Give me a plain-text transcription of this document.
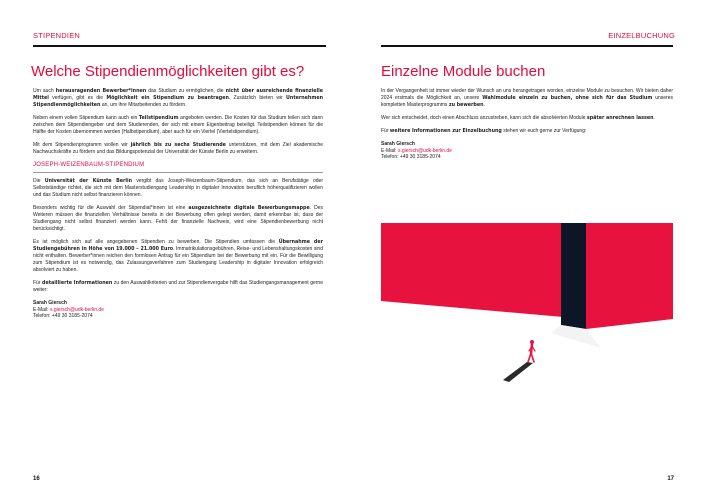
STIPENDIEN
Welche Stipendienmöglichkeiten gibt es?

Um auch herausragenden Bewerber*innen das Studium zu ermöglichen, die nicht über ausreichende finanzielle Mittel verfügen, gibt es die Möglichkeit ein Stipendium zu beantragen. Zusätzlich bieten wir Unternehmen Stipendienmöglichkeiten an, um ihre Mitarbeitenden zu fördern.

Neben einem vollen Stipendium kann auch ein Teilstipendium angeboten werden. Die Kosten für das Studium teilen sich dann zwischen dem Stipendiengeber und dem Studierenden, der sich mit einem Eigenbeitrag beteiligt. Teilstipendien können für die Hälfte der Kosten übernommen werden (Halbstipendium), aber auch für ein Viertel (Viertelstipendium).

Mit dem Stipendienprogramm wollen wir jährlich bis zu sechs Studierende unterstützen, mit dem Ziel akademische Nachwuchskräfte zu fördern und das Bildungspotenzial der Universität der Künste Berlin zu erweitern.

JOSEPH-WEIZENBAUM-STIPENDIUM

Die Universität der Künste Berlin vergibt das Joseph-Weizenbaum-Stipendium, das sich an Berufstätige oder Selbstständige richtet, die sich mit dem Masterstudiengang Leadership in digitaler Innovation beruflich höherqualifizieren wollen und das Studium nicht selbst finanzieren können.

Besonders wichtig für die Auswahl der Stipendiat*innen ist eine ausgezeichnete digitale Bewerbungsmappe. Des Weiteren müssen die finanziellen Verhältnisse bereits in der Bewerbung offen gelegt werden, damit erkennbar ist, dass der Studiengang nicht selbst finanziert werden kann. Fehlt der finanzielle Nachweis, wird eine Stipendienbewerbung nicht berücksichtigt.

Es ist möglich sich auf alle angegebenen Stipendien zu bewerben. Die Stipendien umfassen die Übernahme der Studiengebühren in Höhe von 19.000 – 21.000 Euro. Immatrikulationsgebühren, Reise- und Lebenshaltungskosten sind nicht enthalten. Bewerber*innen reichen den formlosen Antrag für ein Stipendium bei der Bewerbung mit ein. Für die Bewilligung zum Stipendium ist es notwendig, das Zulassungsverfahren zum Studiengang Leadership in digitaler Innovation erfolgreich absolviert zu haben.

Für detaillierte Informationen zu den Auswahlkriterien und zur Stipendienvergabe hilft das Studiengangsmanagement gerne weiter:

Sarah Giersch
E-Mail: s.giersch@udk-berlin.de
Telefon: +49 30 3185-2074
16
EINZELBUCHUNG
Einzelne Module buchen

In der Vergangenheit ist immer wieder der Wunsch an uns herangetragen worden, einzelne Module zu besuchen. Wir bieten daher 2024 erstmals die Möglichkeit an, unsere Wahlmodule einzeln zu buchen, ohne sich für das Studium unseres kompletten Masterprogramms zu bewerben.

Wer sich entscheidet, doch einen Abschluss anzustreben, kann sich die absolvierten Module später anrechnen lassen.

Für weitere Informationen zur Einzelbuchung stehen wir euch gerne zur Verfügung:

Sarah Giersch
E-Mail: s.giersch@udk-berlin.de
Telefon: +49 30 3185-2074
17
